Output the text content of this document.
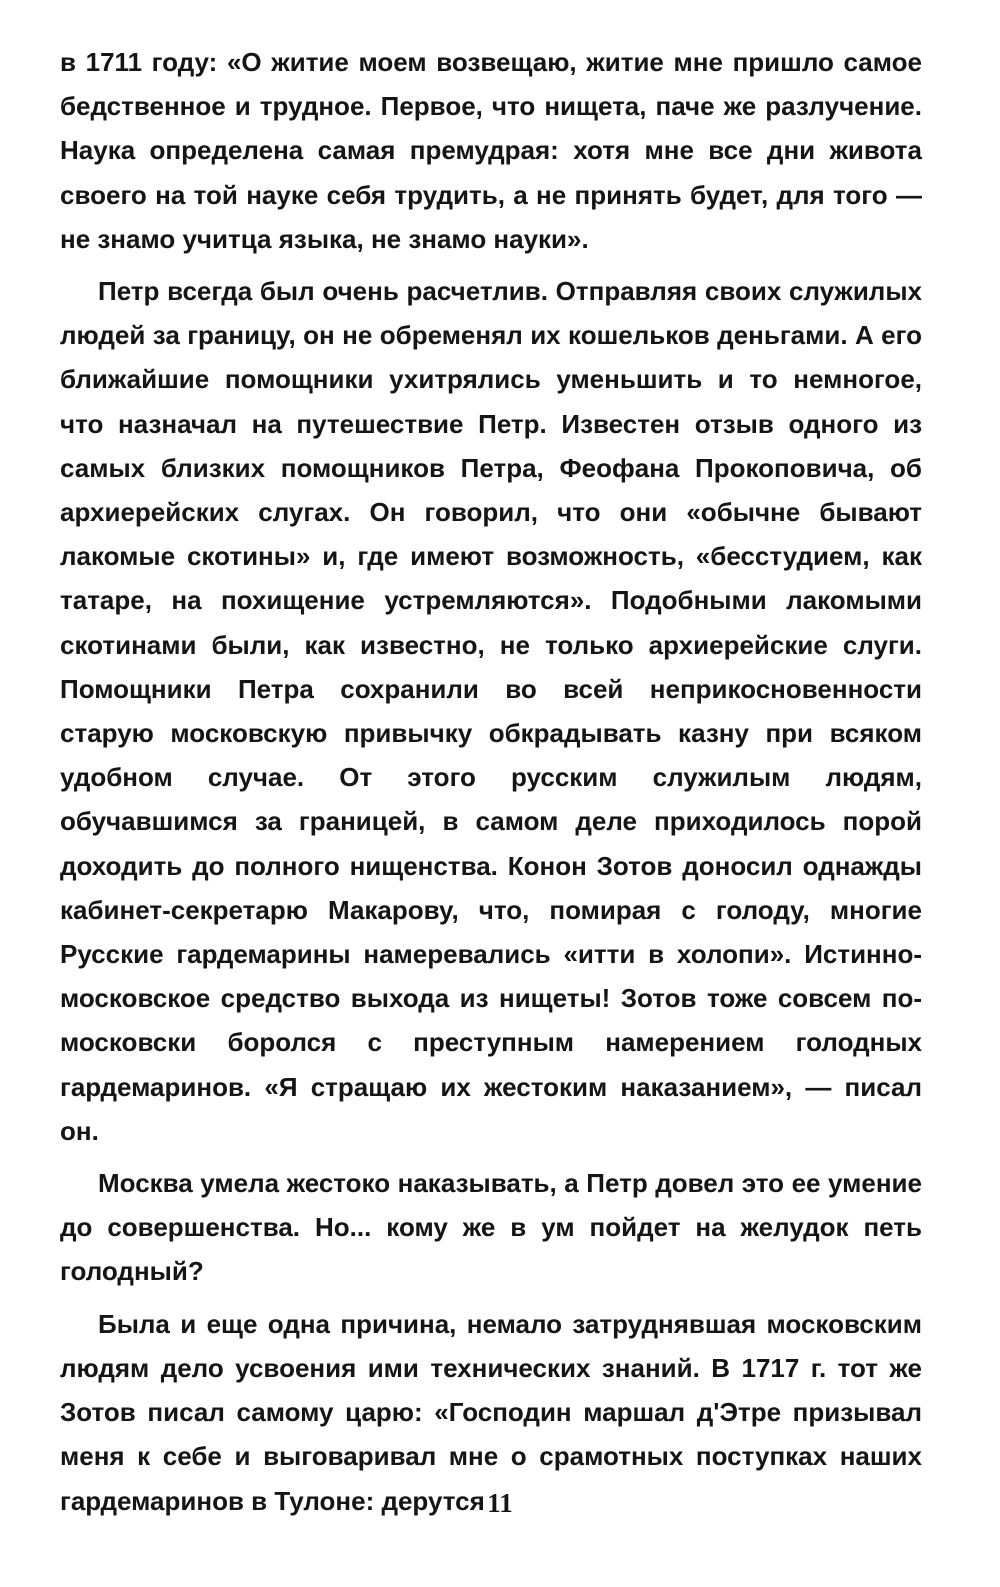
в 1711 году: «О житие моем возвещаю, житие мне пришло самое бедственное и трудное. Первое, что нищета, паче же разлучение. Наука определена самая премудрая: хотя мне все дни живота своего на той науке себя трудить, а не принять будет, для того — не знамо учитца языка, не знамо науки».

Петр всегда был очень расчетлив. Отправляя своих служилых людей за границу, он не обременял их кошельков деньгами. А его ближайшие помощники ухитрялись уменьшить и то немногое, что назначал на путешествие Петр. Известен отзыв одного из самых близких помощников Петра, Феофана Прокоповича, об архиерейских слугах. Он говорил, что они «обычне бывают лакомые скотины» и, где имеют возможность, «бесстудием, как татаре, на похищение устремляются». Подобными лакомыми скотинами были, как известно, не только архиерейские слуги. Помощники Петра сохранили во всей неприкосновенности старую московскую привычку обкрадывать казну при всяком удобном случае. От этого русским служилым людям, обучавшимся за границей, в самом деле приходилось порой доходить до полного нищенства. Конон Зотов доносил однажды кабинет-секретарю Макарову, что, помирая с голоду, многие Русские гардемарины намеревались «итти в холопи». Истинно-московское средство выхода из нищеты! Зотов тоже совсем по-московски боролся с преступным намерением голодных гардемаринов. «Я стращаю их жестоким наказанием», — писал он.

Москва умела жестоко наказывать, а Петр довел это ее умение до совершенства. Но... кому же в ум пойдет на желудок петь голодный?

Была и еще одна причина, немало затруднявшая московским людям дело усвоения ими технических знаний. В 1717 г. тот же Зотов писал самому царю: «Господин маршал д'Этре призывал меня к себе и выговаривал мне о срамотных поступках наших гардемаринов в Тулоне: дерутся 11
